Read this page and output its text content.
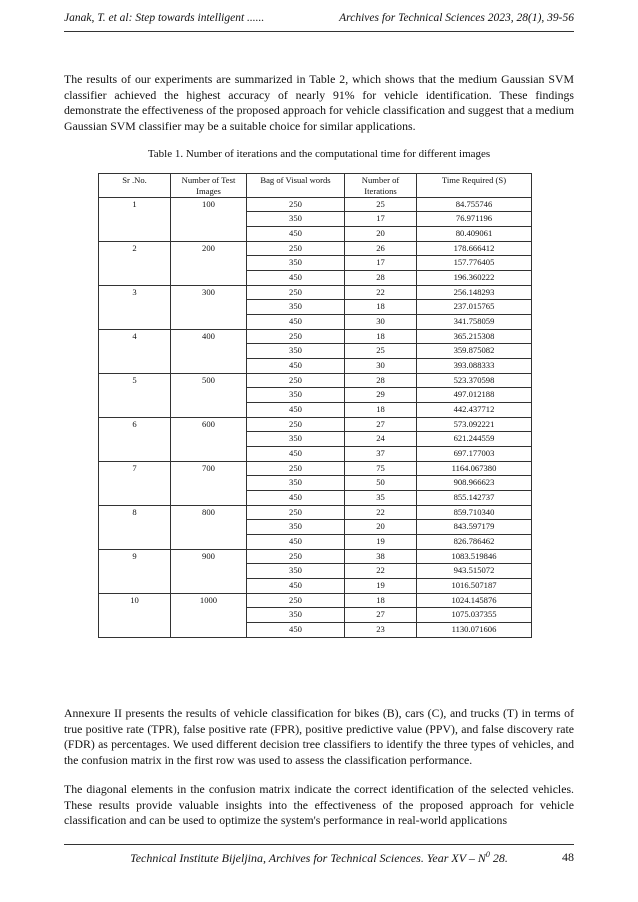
Janak, T. et al: Step towards intelligent ......	Archives for Technical Sciences 2023, 28(1), 39-56

The results of our experiments are summarized in Table 2, which shows that the medium Gaussian SVM classifier achieved the highest accuracy of nearly 91% for vehicle identification. These findings demonstrate the effectiveness of the proposed approach for vehicle classification and suggest that a medium Gaussian SVM classifier may be a suitable choice for similar applications.

Table 1. Number of iterations and the computational time for different images
Sr .No.	Number of Test Images	Bag of Visual words	Number of Iterations	Time Required (S)
1	100	250	25	84.755746
		350	17	76.971196
		450	20	80.409061
2	200	250	26	178.666412
		350	17	157.776405
		450	28	196.360222
3	300	250	22	256.148293
		350	18	237.015765
		450	30	341.758059
4	400	250	18	365.215308
		350	25	359.875082
		450	30	393.088333
5	500	250	28	523.370598
		350	29	497.012188
		450	18	442.437712
6	600	250	27	573.092221
		350	24	621.244559
		450	37	697.177003
7	700	250	75	1164.067380
		350	50	908.966623
		450	35	855.142737
8	800	250	22	859.710340
		350	20	843.597179
		450	19	826.786462
9	900	250	38	1083.519846
		350	22	943.515072
		450	19	1016.507187
10	1000	250	18	1024.145876
		350	27	1075.037355
		450	23	1130.071606

Annexure II presents the results of vehicle classification for bikes (B), cars (C), and trucks (T) in terms of true positive rate (TPR), false positive rate (FPR), positive predictive value (PPV), and false discovery rate (FDR) as percentages. We used different decision tree classifiers to identify the three types of vehicles, and the confusion matrix in the first row was used to assess the classification performance.

The diagonal elements in the confusion matrix indicate the correct identification of the selected vehicles. These results provide valuable insights into the effectiveness of the proposed approach for vehicle classification and can be used to optimize the system's performance in real-world applications

Technical Institute Bijeljina, Archives for Technical Sciences. Year XV – $N^0$ 28.	48
